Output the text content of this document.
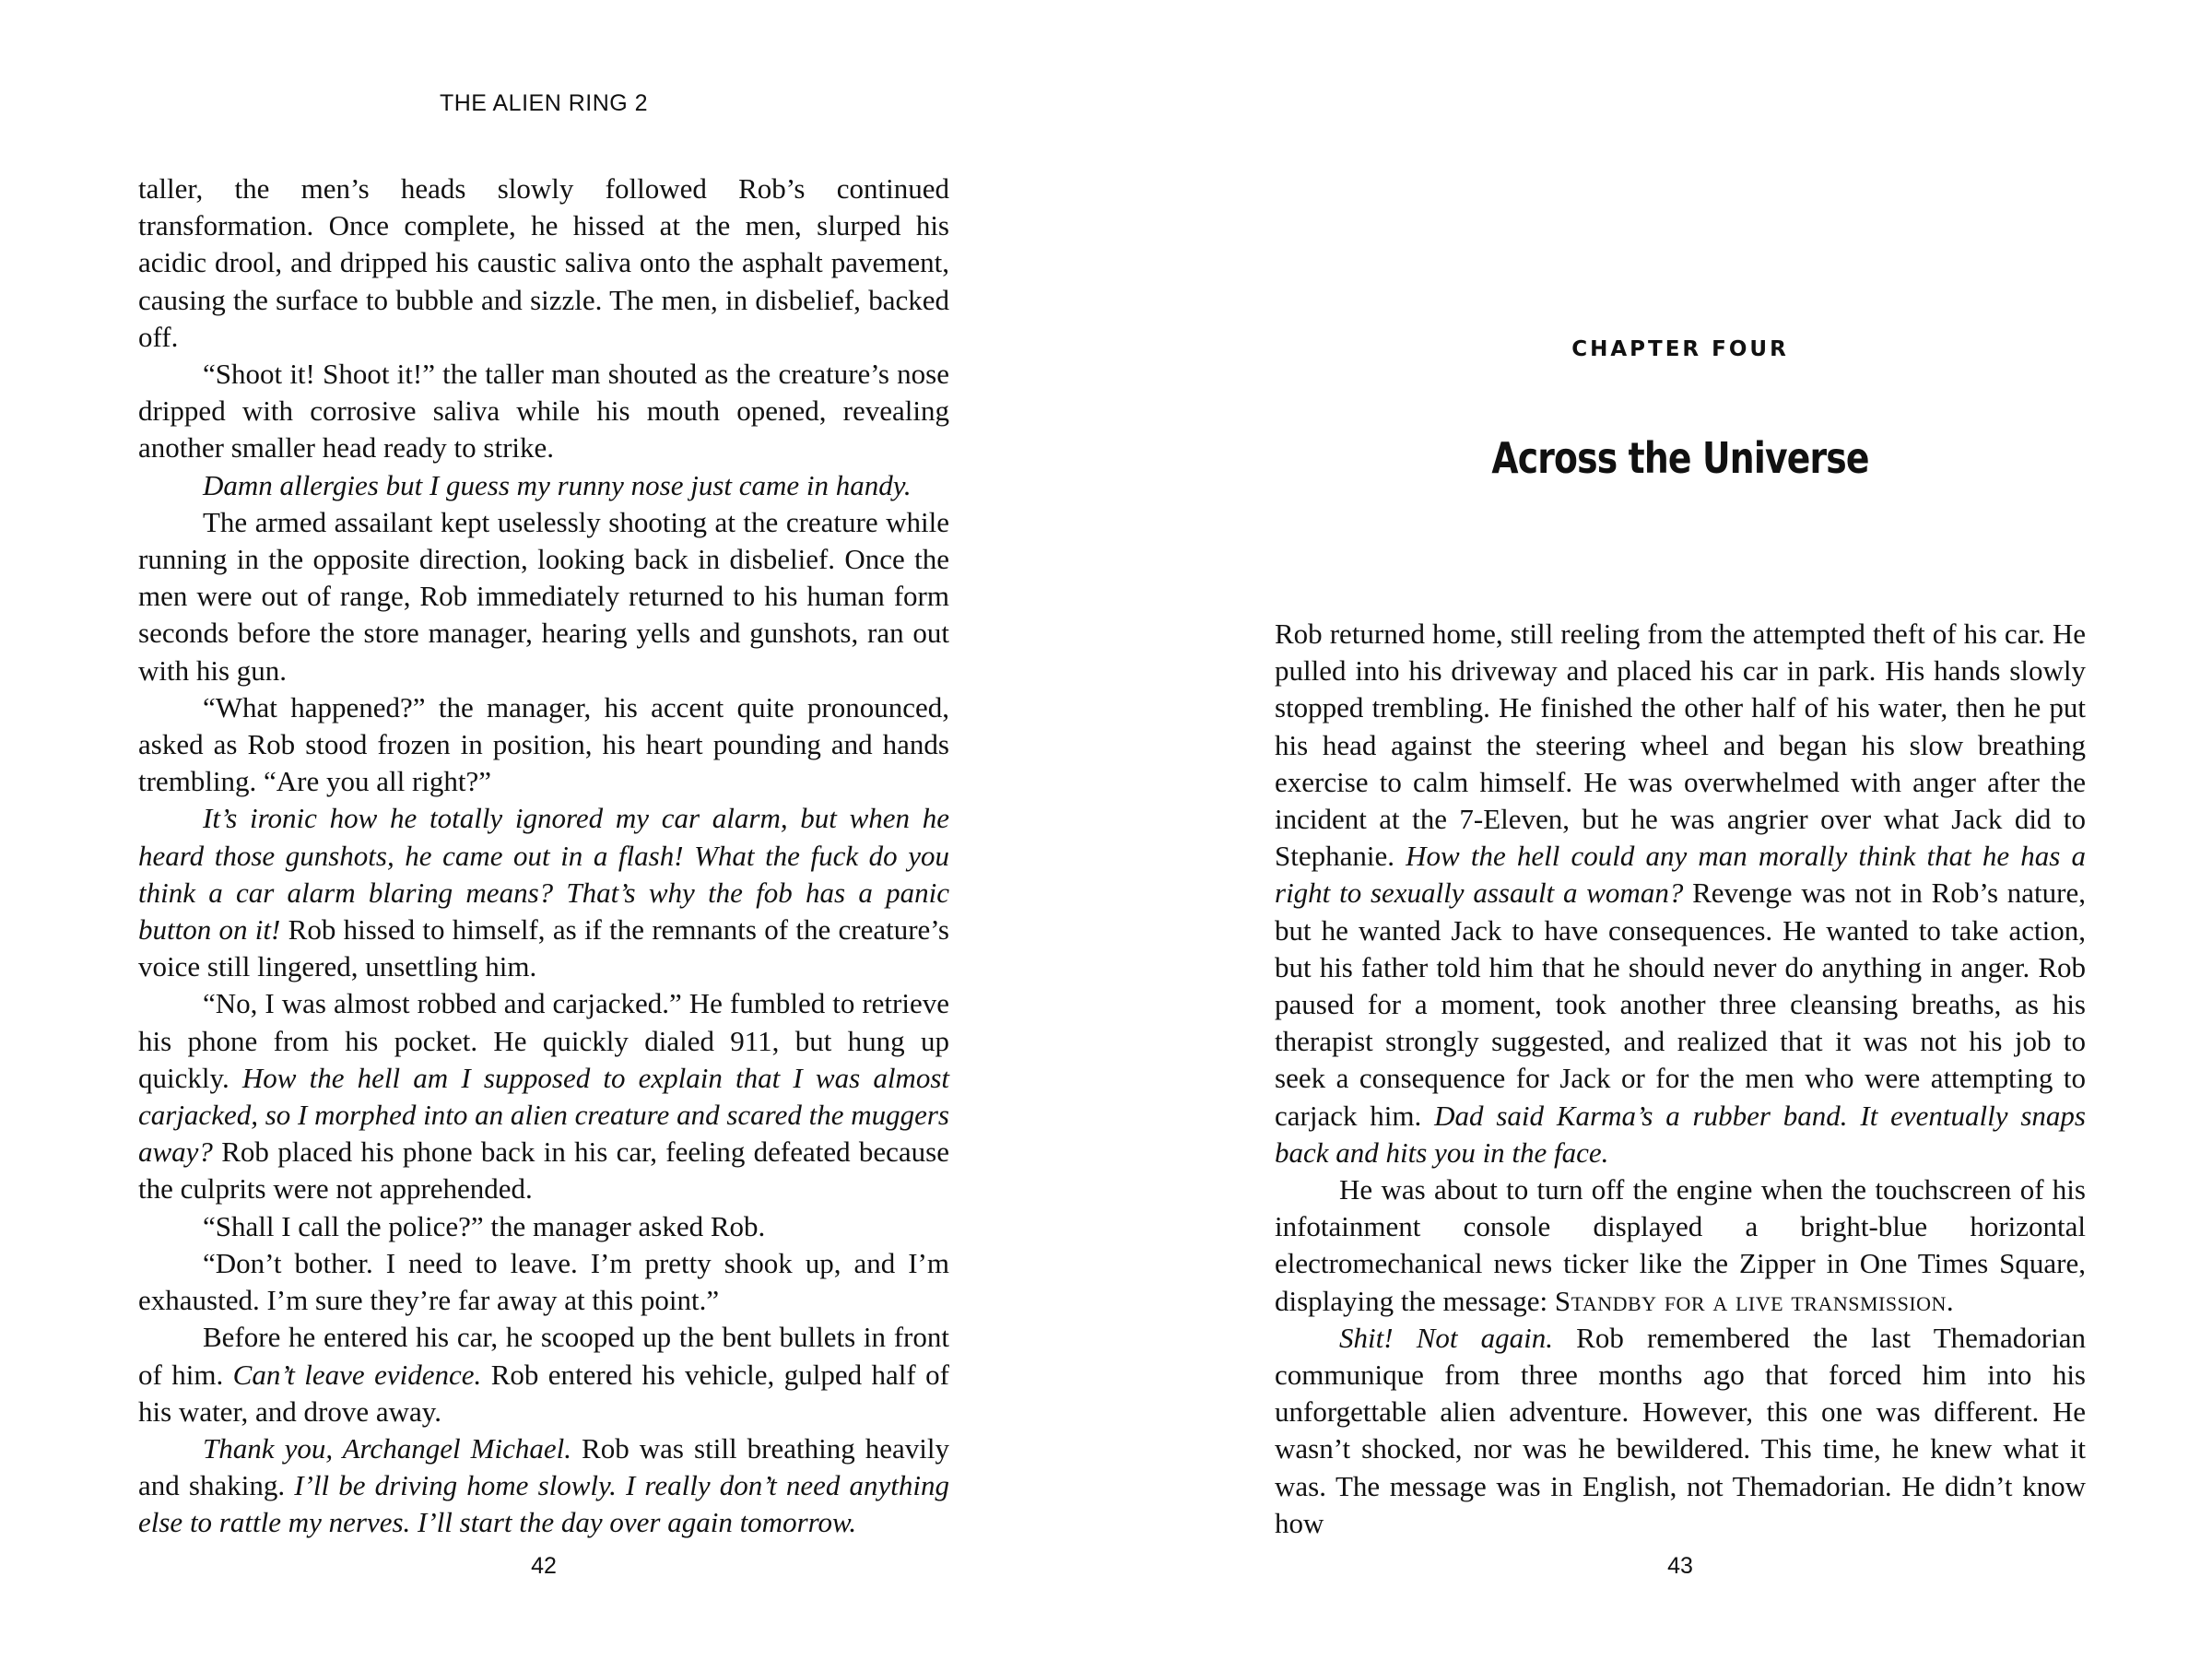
THE ALIEN RING 2

taller, the men’s heads slowly followed Rob’s continued transformation. Once complete, he hissed at the men, slurped his acidic drool, and dripped his caustic saliva onto the asphalt pavement, causing the surface to bubble and sizzle. The men, in disbelief, backed off.

“Shoot it! Shoot it!” the taller man shouted as the creature’s nose dripped with corrosive saliva while his mouth opened, revealing another smaller head ready to strike.

Damn allergies but I guess my runny nose just came in handy.

The armed assailant kept uselessly shooting at the creature while running in the opposite direction, looking back in disbelief. Once the men were out of range, Rob immediately returned to his human form seconds before the store manager, hearing yells and gunshots, ran out with his gun.

“What happened?” the manager, his accent quite pronounced, asked as Rob stood frozen in position, his heart pounding and hands trembling. “Are you all right?”

It’s ironic how he totally ignored my car alarm, but when he heard those gunshots, he came out in a flash! What the fuck do you think a car alarm blaring means? That’s why the fob has a panic button on it! Rob hissed to himself, as if the remnants of the creature’s voice still lingered, unsettling him.

“No, I was almost robbed and carjacked.” He fumbled to retrieve his phone from his pocket. He quickly dialed 911, but hung up quickly. How the hell am I supposed to explain that I was almost carjacked, so I morphed into an alien creature and scared the muggers away? Rob placed his phone back in his car, feeling defeated because the culprits were not apprehended.

“Shall I call the police?” the manager asked Rob.

“Don’t bother. I need to leave. I’m pretty shook up, and I’m exhausted. I’m sure they’re far away at this point.”

Before he entered his car, he scooped up the bent bullets in front of him. Can’t leave evidence. Rob entered his vehicle, gulped half of his water, and drove away.

Thank you, Archangel Michael. Rob was still breathing heavily and shaking. I’ll be driving home slowly. I really don’t need anything else to rattle my nerves. I’ll start the day over again tomorrow.

42
CHAPTER FOUR
Across the Universe

Rob returned home, still reeling from the attempted theft of his car. He pulled into his driveway and placed his car in park. His hands slowly stopped trembling. He finished the other half of his water, then he put his head against the steering wheel and began his slow breathing exercise to calm himself. He was overwhelmed with anger after the incident at the 7-Eleven, but he was angrier over what Jack did to Stephanie. How the hell could any man morally think that he has a right to sexually assault a woman? Revenge was not in Rob’s nature, but he wanted Jack to have consequences. He wanted to take action, but his father told him that he should never do anything in anger. Rob paused for a moment, took another three cleansing breaths, as his therapist strongly suggested, and realized that it was not his job to seek a consequence for Jack or for the men who were attempting to carjack him. Dad said Karma’s a rubber band. It eventually snaps back and hits you in the face.

He was about to turn off the engine when the touchscreen of his infotainment console displayed a bright-blue horizontal electromechanical news ticker like the Zipper in One Times Square, displaying the message: Standby for a live transmission.

Shit! Not again. Rob remembered the last Themadorian communique from three months ago that forced him into his unforgettable alien adventure. However, this one was different. He wasn’t shocked, nor was he bewildered. This time, he knew what it was. The message was in English, not Themadorian. He didn’t know how

43
